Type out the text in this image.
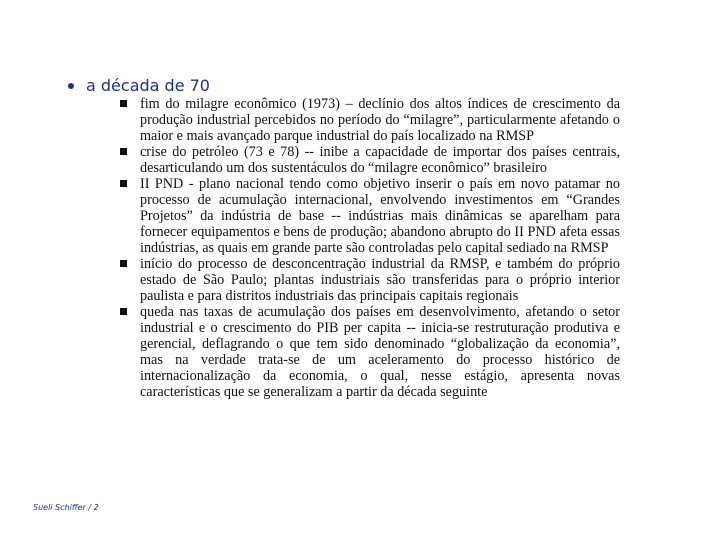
a década de 70
fim do milagre econômico (1973) – declínio dos altos índices de crescimento da produção industrial percebidos no período do “milagre”, particularmente afetando o maior e mais avançado parque industrial do país localizado na RMSP
crise do petróleo (73 e 78) -- inibe a capacidade de importar dos países centrais, desarticulando um dos sustentáculos do “milagre econômico” brasileiro
II PND - plano nacional tendo como objetivo inserir o país em novo patamar no processo de acumulação internacional, envolvendo investimentos em “Grandes Projetos” da indústria de base -- indústrias mais dinâmicas se aparelham para fornecer equipamentos e bens de produção; abandono abrupto do II PND afeta essas indústrias, as quais em grande parte são controladas pelo capital sediado na RMSP
início do processo de desconcentração industrial da RMSP, e também do próprio estado de São Paulo; plantas industriais são transferidas para o próprio interior paulista e para distritos industriais das principais capitais regionais
queda nas taxas de acumulação dos países em desenvolvimento, afetando o setor industrial e o crescimento do PIB per capita -- inicia-se restruturação produtiva e gerencial, deflagrando o que tem sido denominado “globalização da economia”, mas na verdade trata-se de um aceleramento do processo histórico de internacionalização da economia, o qual, nesse estágio, apresenta novas características que se generalizam a partir da década seguinte
Sueli Schiffer / 2
